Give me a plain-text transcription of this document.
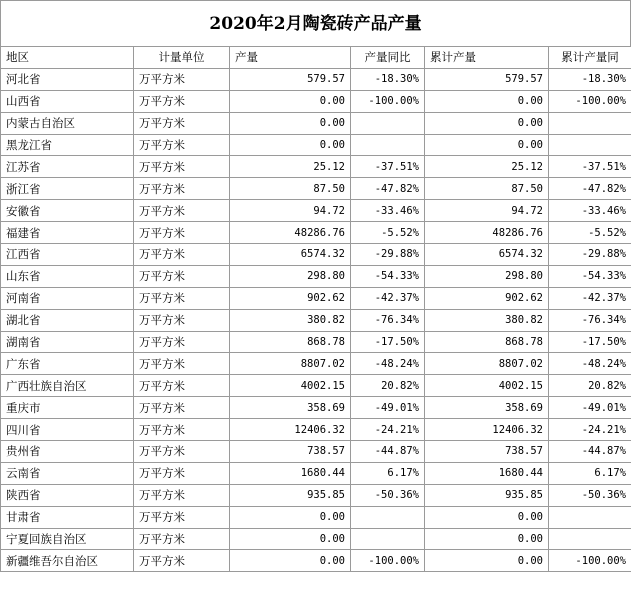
2020年2月陶瓷砖产品产量
地区	计量单位	产量	产量同比	累计产量	累计产量同
河北省	万平方米	579.57	-18.30%	579.57	-18.30%
山西省	万平方米	0.00	-100.00%	0.00	-100.00%
内蒙古自治区	万平方米	0.00		0.00	
黑龙江省	万平方米	0.00		0.00	
江苏省	万平方米	25.12	-37.51%	25.12	-37.51%
浙江省	万平方米	87.50	-47.82%	87.50	-47.82%
安徽省	万平方米	94.72	-33.46%	94.72	-33.46%
福建省	万平方米	48286.76	-5.52%	48286.76	-5.52%
江西省	万平方米	6574.32	-29.88%	6574.32	-29.88%
山东省	万平方米	298.80	-54.33%	298.80	-54.33%
河南省	万平方米	902.62	-42.37%	902.62	-42.37%
湖北省	万平方米	380.82	-76.34%	380.82	-76.34%
湖南省	万平方米	868.78	-17.50%	868.78	-17.50%
广东省	万平方米	8807.02	-48.24%	8807.02	-48.24%
广西壮族自治区	万平方米	4002.15	20.82%	4002.15	20.82%
重庆市	万平方米	358.69	-49.01%	358.69	-49.01%
四川省	万平方米	12406.32	-24.21%	12406.32	-24.21%
贵州省	万平方米	738.57	-44.87%	738.57	-44.87%
云南省	万平方米	1680.44	6.17%	1680.44	6.17%
陕西省	万平方米	935.85	-50.36%	935.85	-50.36%
甘肃省	万平方米	0.00		0.00	
宁夏回族自治区	万平方米	0.00		0.00	
新疆维吾尔自治区	万平方米	0.00	-100.00%	0.00	-100.00%
